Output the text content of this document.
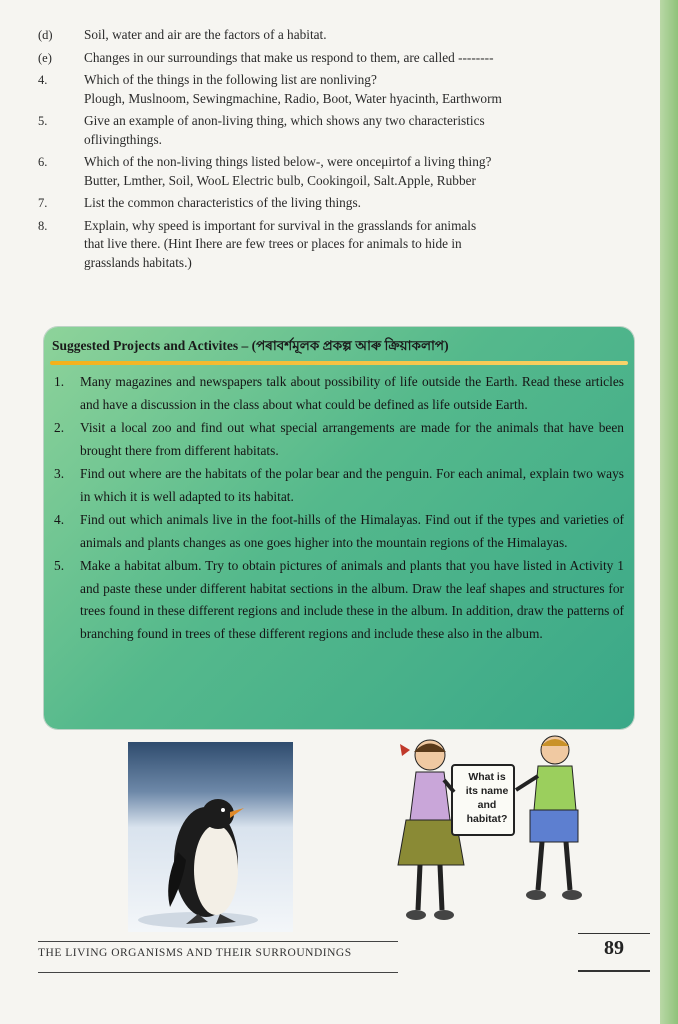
(d)	Soil, water and air are the factors of a habitat.
(e)	Changes in our surroundings that make us respond to them, are called --------
4.	Which of the things in the following list are nonliving?
Plough, Muslnoom, Sewingmachine, Radio, Boot, Water hyacinth, Earthworm
5.	Give an example of anon-living thing, which shows any two characteristics
oflivingthings.
6.	Which of the non-living things listed below-, were onceμirtof a living thing?
Butter, Lmther, Soil, WooL Electric bulb, Cookingoil, Salt.Apple, Rubber
7.	List the common characteristics of the living things.
8.	Explain, why speed is important for survival in the grasslands for animals
that live there. (Hint Ihere are few trees or places for animals to hide in
grasslands habitats.)
Suggested Projects and Activites – (পৰাবৰ্শমূলক প্ৰকল্প আৰু ক্ৰিয়াকলাপ)
1.	Many magazines and newspapers talk about possibility of life outside the Earth. Read these articles and have a discussion in the class about what could be defined as life outside Earth.
2.	Visit a local zoo and find out what special arrangements are made for the animals that have been brought there from different habitats.
3.	Find out where are the habitats of the polar bear and the penguin. For each animal, explain two ways in which it is well adapted to its habitat.
4.	Find out which animals live in the foot-hills of the Himalayas. Find out if the types and varieties of animals and plants changes as one goes higher into the mountain regions of the Himalayas.
5.	Make a habitat album. Try to obtain pictures of animals and plants that you have listed in Activity 1 and paste these under different habitat sections in the album. Draw the leaf shapes and structures for trees found in these different regions and include these in the album. In addition, draw the patterns of branching found in trees of these different regions and include these also in the album.
What is
its name
and
habitat?
THE LIVING ORGANISMS AND THEIR SURROUNDINGS	89
